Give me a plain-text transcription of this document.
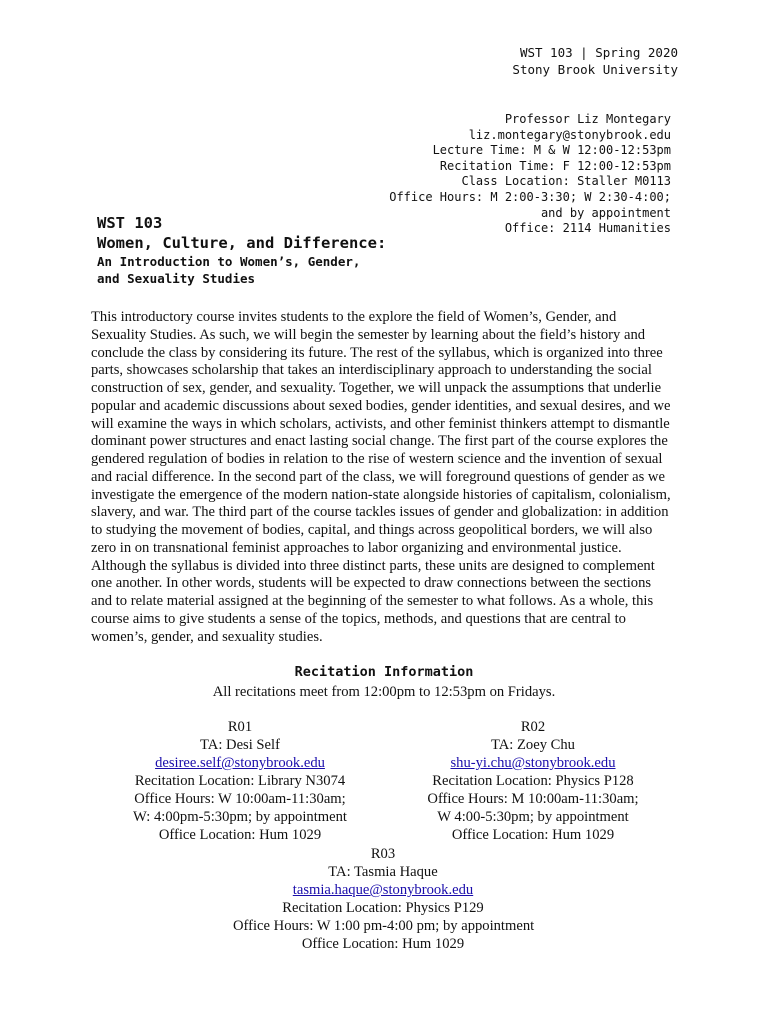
WST 103 | Spring 2020
Stony Brook University
Professor Liz Montegary
liz.montegary@stonybrook.edu
Lecture Time: M & W 12:00-12:53pm
Recitation Time: F 12:00-12:53pm
Class Location: Staller M0113
Office Hours: M 2:00-3:30; W 2:30-4:00;
and by appointment
Office: 2114 Humanities
WST 103
Women, Culture, and Difference:
An Introduction to Women’s, Gender, and Sexuality Studies

This introductory course invites students to the explore the field of Women’s, Gender, and Sexuality Studies. As such, we will begin the semester by learning about the field’s history and conclude the class by considering its future. The rest of the syllabus, which is organized into three parts, showcases scholarship that takes an interdisciplinary approach to understanding the social construction of sex, gender, and sexuality. Together, we will unpack the assumptions that underlie popular and academic discussions about sexed bodies, gender identities, and sexual desires, and we will examine the ways in which scholars, activists, and other feminist thinkers attempt to dismantle dominant power structures and enact lasting social change. The first part of the course explores the gendered regulation of bodies in relation to the rise of western science and the invention of sexual and racial difference. In the second part of the class, we will foreground questions of gender as we investigate the emergence of the modern nation-state alongside histories of capitalism, colonialism, slavery, and war. The third part of the course tackles issues of gender and globalization: in addition to studying the movement of bodies, capital, and things across geopolitical borders, we will also zero in on transnational feminist approaches to labor organizing and environmental justice. Although the syllabus is divided into three distinct parts, these units are designed to complement one another. In other words, students will be expected to draw connections between the sections and to relate material assigned at the beginning of the semester to what follows. As a whole, this course aims to give students a sense of the topics, methods, and questions that are central to women’s, gender, and sexuality studies.

Recitation Information
All recitations meet from 12:00pm to 12:53pm on Fridays.
R01
TA: Desi Self
desiree.self@stonybrook.edu
Recitation Location: Library N3074
Office Hours: W 10:00am-11:30am;
W: 4:00pm-5:30pm; by appointment
Office Location: Hum 1029
R02
TA: Zoey Chu
shu-yi.chu@stonybrook.edu
Recitation Location: Physics P128
Office Hours: M 10:00am-11:30am;
W 4:00-5:30pm; by appointment
Office Location: Hum 1029
R03
TA: Tasmia Haque
tasmia.haque@stonybrook.edu
Recitation Location: Physics P129
Office Hours: W 1:00 pm-4:00 pm; by appointment
Office Location: Hum 1029
